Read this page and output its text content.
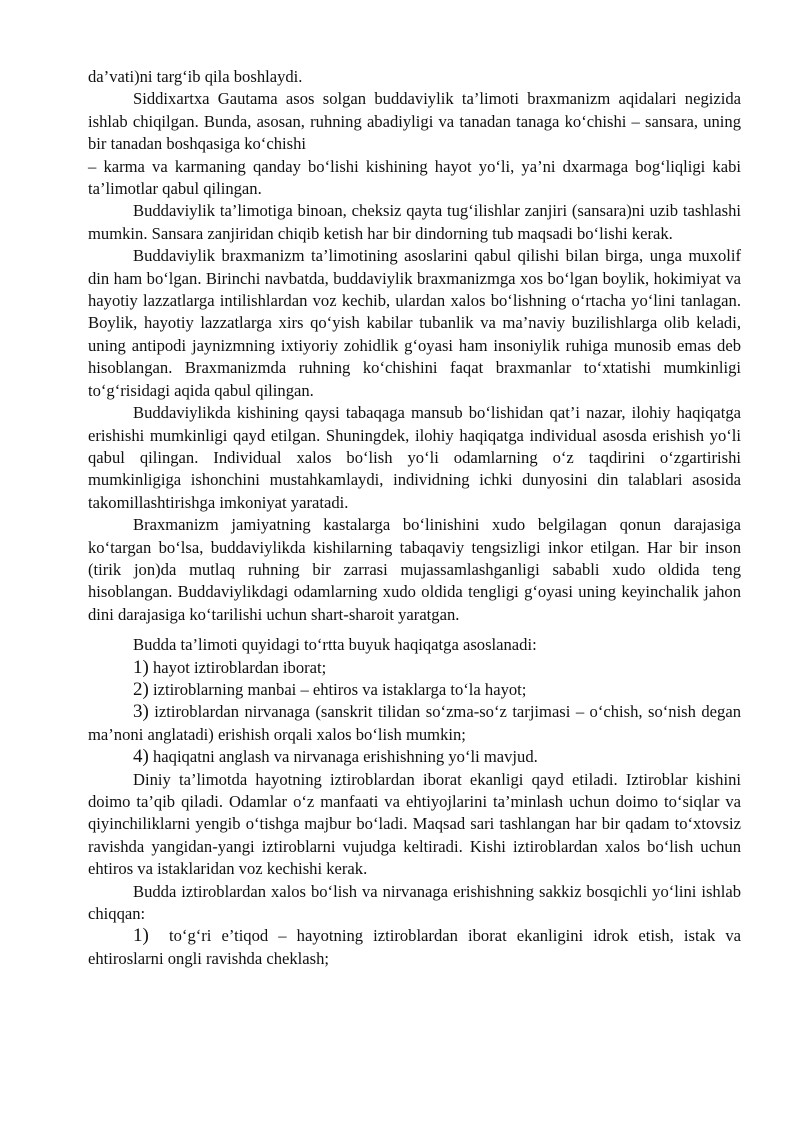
da’vati)ni targ‘ib qila boshlaydi.

Siddixartxa Gautama asos solgan buddaviylik ta’limoti braxmanizm aqidalari negizida ishlab chiqilgan. Bunda, asosan, ruhning abadiyligi va tanadan tanaga ko‘chishi – sansara, uning bir tanadan boshqasiga ko‘chishi

– karma va karmaning qanday bo‘lishi kishining hayot yo‘li, ya’ni dxarmaga bog‘liqligi kabi ta’limotlar qabul qilingan.

Buddaviylik ta’limotiga binoan, cheksiz qayta tug‘ilishlar zanjiri (sansara)ni uzib tashlashi mumkin. Sansara zanjiridan chiqib ketish har bir dindorning tub maqsadi bo‘lishi kerak.

Buddaviylik braxmanizm ta’limotining asoslarini qabul qilishi bilan birga, unga muxolif din ham bo‘lgan. Birinchi navbatda, buddaviylik braxmanizmga xos bo‘lgan boylik, hokimiyat va hayotiy lazzatlarga intilishlardan voz kechib, ulardan xalos bo‘lishning o‘rtacha yo‘lini tanlagan. Boylik, hayotiy lazzatlarga xirs qo‘yish kabilar tubanlik va ma’naviy buzilishlarga olib keladi, uning antipodi jaynizmning ixtiyoriy zohidlik g‘oyasi ham insoniylik ruhiga munosib emas deb hisoblangan. Braxmanizmda ruhning ko‘chishini faqat braxmanlar to‘xtatishi mumkinligi to‘g‘risidagi aqida qabul qilingan.

Buddaviylikda kishining qaysi tabaqaga mansub bo‘lishidan qat’i nazar, ilohiy haqiqatga erishishi mumkinligi qayd etilgan. Shuningdek, ilohiy haqiqatga individual asosda erishish yo‘li qabul qilingan. Individual xalos bo‘lish yo‘li odamlarning o‘z taqdirini o‘zgartirishi mumkinligiga ishonchini mustahkamlaydi, individning ichki dunyosini din talablari asosida takomillashtirishga imkoniyat yaratadi.

Braxmanizm jamiyatning kastalarga bo‘linishini xudo belgilagan qonun darajasiga ko‘targan bo‘lsa, buddaviylikda kishilarning tabaqaviy tengsizligi inkor etilgan. Har bir inson (tirik jon)da mutlaq ruhning bir zarrasi mujassamlashganligi sababli xudo oldida teng hisoblangan. Buddaviylikdagi odamlarning xudo oldida tengligi g‘oyasi uning keyinchalik jahon dini darajasiga ko‘tarilishi uchun shart-sharoit yaratgan.

Budda ta’limoti quyidagi to‘rtta buyuk haqiqatga asoslanadi:

1) hayot iztiroblardan iborat;

2) iztiroblarning manbai – ehtiros va istaklarga to‘la hayot;

3) iztiroblardan nirvanaga (sanskrit tilidan so‘zma-so‘z tarjimasi – o‘chish, so‘nish degan ma’noni anglatadi) erishish orqali xalos bo‘lish mumkin;

4) haqiqatni anglash va nirvanaga erishishning yo‘li mavjud.

Diniy ta’limotda hayotning iztiroblardan iborat ekanligi qayd etiladi. Iztiroblar kishini doimo ta’qib qiladi. Odamlar o‘z manfaati va ehtiyojlarini ta’minlash uchun doimo to‘siqlar va qiyinchiliklarni yengib o‘tishga majbur bo‘ladi. Maqsad sari tashlangan har bir qadam to‘xtovsiz ravishda yangidan-yangi iztiroblarni vujudga keltiradi. Kishi iztiroblardan xalos bo‘lish uchun ehtiros va istaklaridan voz kechishi kerak.

Budda iztiroblardan xalos bo‘lish va nirvanaga erishishning sakkiz bosqichli yo‘lini ishlab chiqqan:

1) to‘g‘ri e’tiqod – hayotning iztiroblardan iborat ekanligini idrok etish, istak va ehtiroslarni ongli ravishda cheklash;
